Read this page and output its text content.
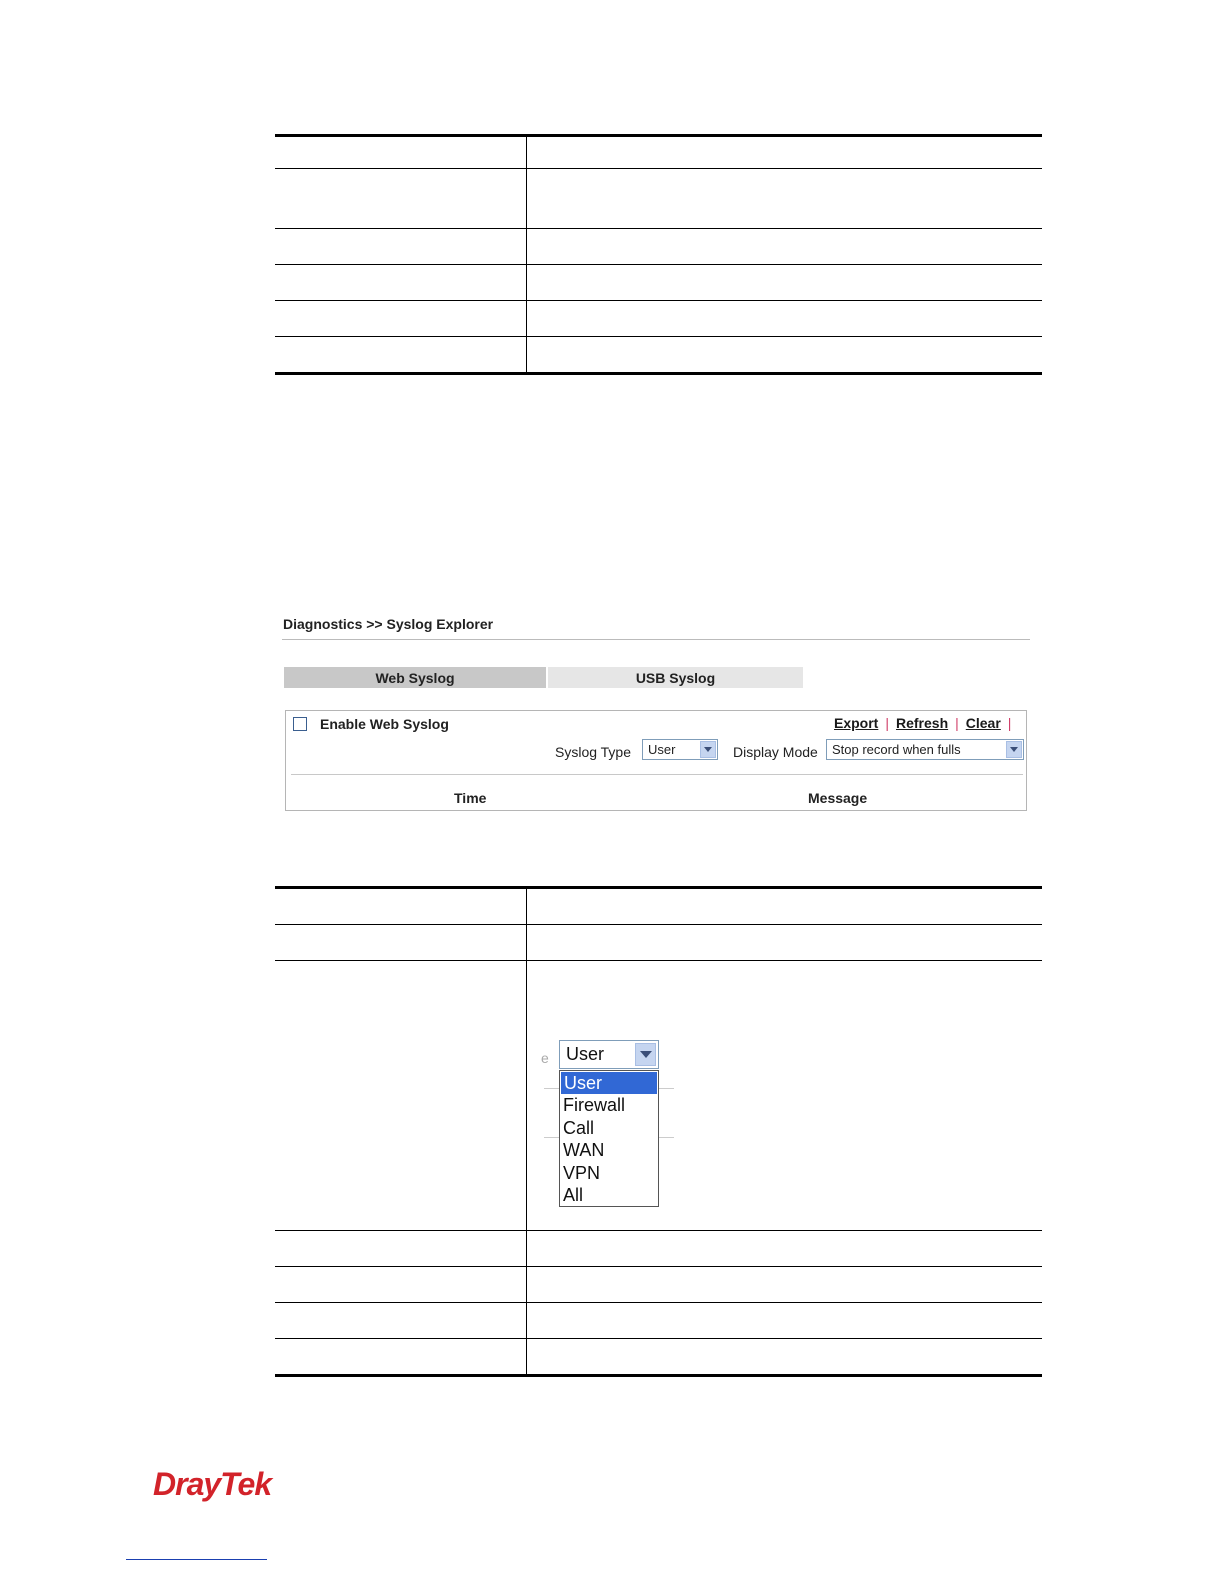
Diagnostics >> Syslog Explorer
Web Syslog	USB Syslog
Enable Web Syslog	Export | Refresh | Clear |
Syslog Type User	Display Mode Stop record when fulls
Time	Message

e User
User
Firewall
Call
WAN
VPN
All
DrayTek
